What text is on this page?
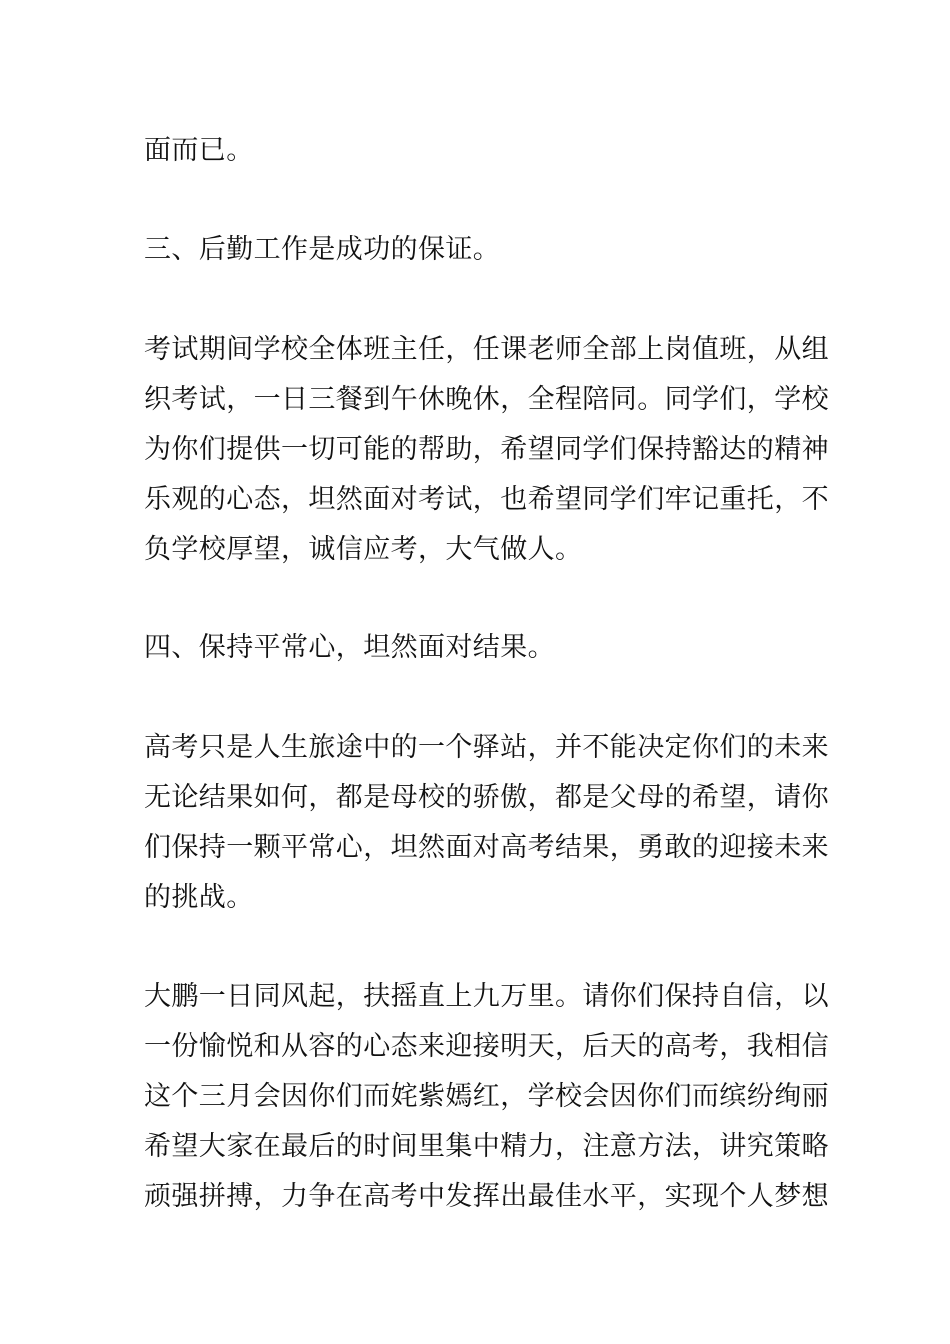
面而已。
三、后勤工作是成功的保证。
考试期间学校全体班主任，任课老师全部上岗值班，从组
织考试，一日三餐到午休晚休，全程陪同。同学们，学校
为你们提供一切可能的帮助，希望同学们保持豁达的精神
乐观的心态，坦然面对考试，也希望同学们牢记重托，不
负学校厚望，诚信应考，大气做人。
四、保持平常心，坦然面对结果。
高考只是人生旅途中的一个驿站，并不能决定你们的未来
无论结果如何，都是母校的骄傲，都是父母的希望，请你
们保持一颗平常心，坦然面对高考结果，勇敢的迎接未来
的挑战。
大鹏一日同风起，扶摇直上九万里。请你们保持自信，以
一份愉悦和从容的心态来迎接明天，后天的高考，我相信
这个三月会因你们而姹紫嫣红，学校会因你们而缤纷绚丽
希望大家在最后的时间里集中精力，注意方法，讲究策略
顽强拼搏，力争在高考中发挥出最佳水平，实现个人梦想
